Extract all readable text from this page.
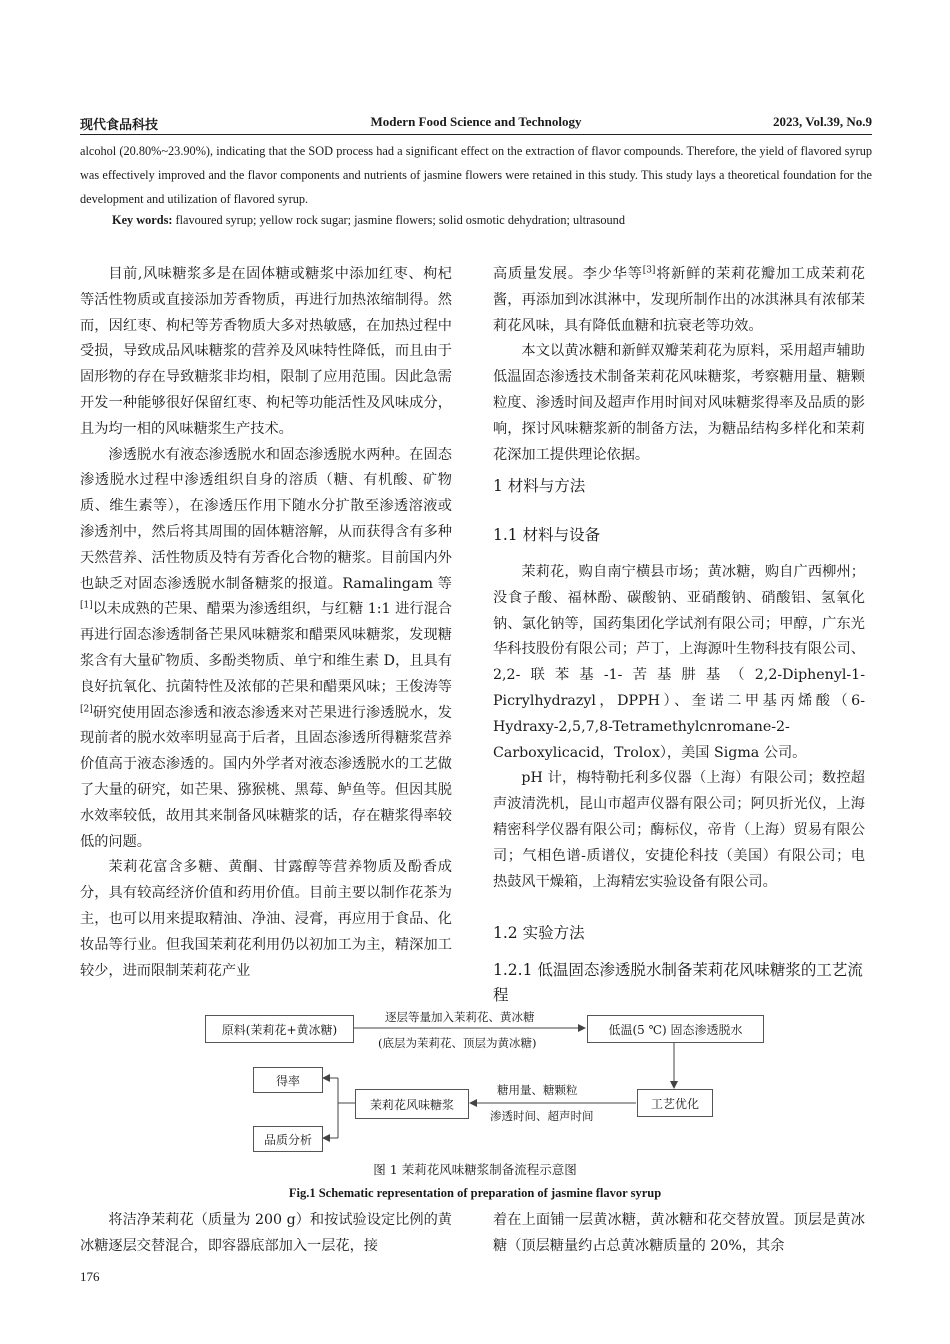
现代食品科技	Modern Food Science and Technology	2023, Vol.39, No.9
alcohol (20.80%~23.90%), indicating that the SOD process had a significant effect on the extraction of flavor compounds. Therefore, the yield of flavored syrup was effectively improved and the flavor components and nutrients of jasmine flowers were retained in this study. This study lays a theoretical foundation for the development and utilization of flavored syrup.
Key words: flavoured syrup; yellow rock sugar; jasmine flowers; solid osmotic dehydration; ultrasound

目前,风味糖浆多是在固体糖或糖浆中添加红枣、枸杞等活性物质或直接添加芳香物质，再进行加热浓缩制得。然而，因红枣、枸杞等芳香物质大多对热敏感，在加热过程中受损，导致成品风味糖浆的营养及风味特性降低，而且由于固形物的存在导致糖浆非均相，限制了应用范围。因此急需开发一种能够很好保留红枣、枸杞等功能活性及风味成分，且为均一相的风味糖浆生产技术。

渗透脱水有液态渗透脱水和固态渗透脱水两种。在固态渗透脱水过程中渗透组织自身的溶质（糖、有机酸、矿物质、维生素等），在渗透压作用下随水分扩散至渗透溶液或渗透剂中，然后将其周围的固体糖溶解，从而获得含有多种天然营养、活性物质及特有芳香化合物的糖浆。目前国内外也缺乏对固态渗透脱水制备糖浆的报道。Ramalingam 等[1]以未成熟的芒果、醋栗为渗透组织，与红糖 1:1 进行混合再进行固态渗透制备芒果风味糖浆和醋栗风味糖浆，发现糖浆含有大量矿物质、多酚类物质、单宁和维生素 D，且具有良好抗氧化、抗菌特性及浓郁的芒果和醋栗风味；王俊涛等[2]研究使用固态渗透和液态渗透来对芒果进行渗透脱水，发现前者的脱水效率明显高于后者，且固态渗透所得糖浆营养价值高于液态渗透的。国内外学者对液态渗透脱水的工艺做了大量的研究，如芒果、猕猴桃、黑莓、鲈鱼等。但因其脱水效率较低，故用其来制备风味糖浆的话，存在糖浆得率较低的问题。

茉莉花富含多糖、黄酮、甘露醇等营养物质及酚香成分，具有较高经济价值和药用价值。目前主要以制作花茶为主，也可以用来提取精油、净油、浸膏，再应用于食品、化妆品等行业。但我国茉莉花利用仍以初加工为主，精深加工较少，进而限制茉莉花产业

高质量发展。李少华等[3]将新鲜的茉莉花瓣加工成茉莉花酱，再添加到冰淇淋中，发现所制作出的冰淇淋具有浓郁茉莉花风味，具有降低血糖和抗衰老等功效。

本文以黄冰糖和新鲜双瓣茉莉花为原料，采用超声辅助低温固态渗透技术制备茉莉花风味糖浆，考察糖用量、糖颗粒度、渗透时间及超声作用时间对风味糖浆得率及品质的影响，探讨风味糖浆新的制备方法，为糖品结构多样化和茉莉花深加工提供理论依据。

1 材料与方法
1.1 材料与设备

茉莉花，购自南宁横县市场；黄冰糖，购自广西柳州；没食子酸、福林酚、碳酸钠、亚硝酸钠、硝酸铝、氢氧化钠、氯化钠等，国药集团化学试剂有限公司；甲醇，广东光华科技股份有限公司；芦丁，上海源叶生物科技有限公司、2,2-联苯基-1-苦基肼基（2,2-Diphenyl-1-Picrylhydrazyl，DPPH）、奎诺二甲基丙烯酸（6-Hydraxy-2,5,7,8-Tetramethylcnromane-2-Carboxylicacid，Trolox），美国 Sigma 公司。

pH 计，梅特勒托利多仪器（上海）有限公司；数控超声波清洗机，昆山市超声仪器有限公司；阿贝折光仪，上海精密科学仪器有限公司；酶标仪，帝肯（上海）贸易有限公司；气相色谱-质谱仪，安捷伦科技（美国）有限公司；电热鼓风干燥箱，上海精宏实验设备有限公司。

1.2 实验方法
1.2.1 低温固态渗透脱水制备茉莉花风味糖浆的工艺流程
原料(茉莉花+黄冰糖)	低温(5 ℃) 固态渗透脱水
工艺优化
茉莉花风味糖浆
得率
品质分析
逐层等量加入茉莉花、黄冰糖
(底层为茉莉花、顶层为黄冰糖)
糖用量、糖颗粒
渗透时间、超声时间
图 1 茉莉花风味糖浆制备流程示意图
Fig.1 Schematic representation of preparation of jasmine flavor syrup

将洁净茉莉花（质量为 200 g）和按试验设定比例的黄冰糖逐层交替混合，即容器底部加入一层花，接

着在上面铺一层黄冰糖，黄冰糖和花交替放置。顶层是黄冰糖（顶层糖量约占总黄冰糖质量的 20%，其余

176
